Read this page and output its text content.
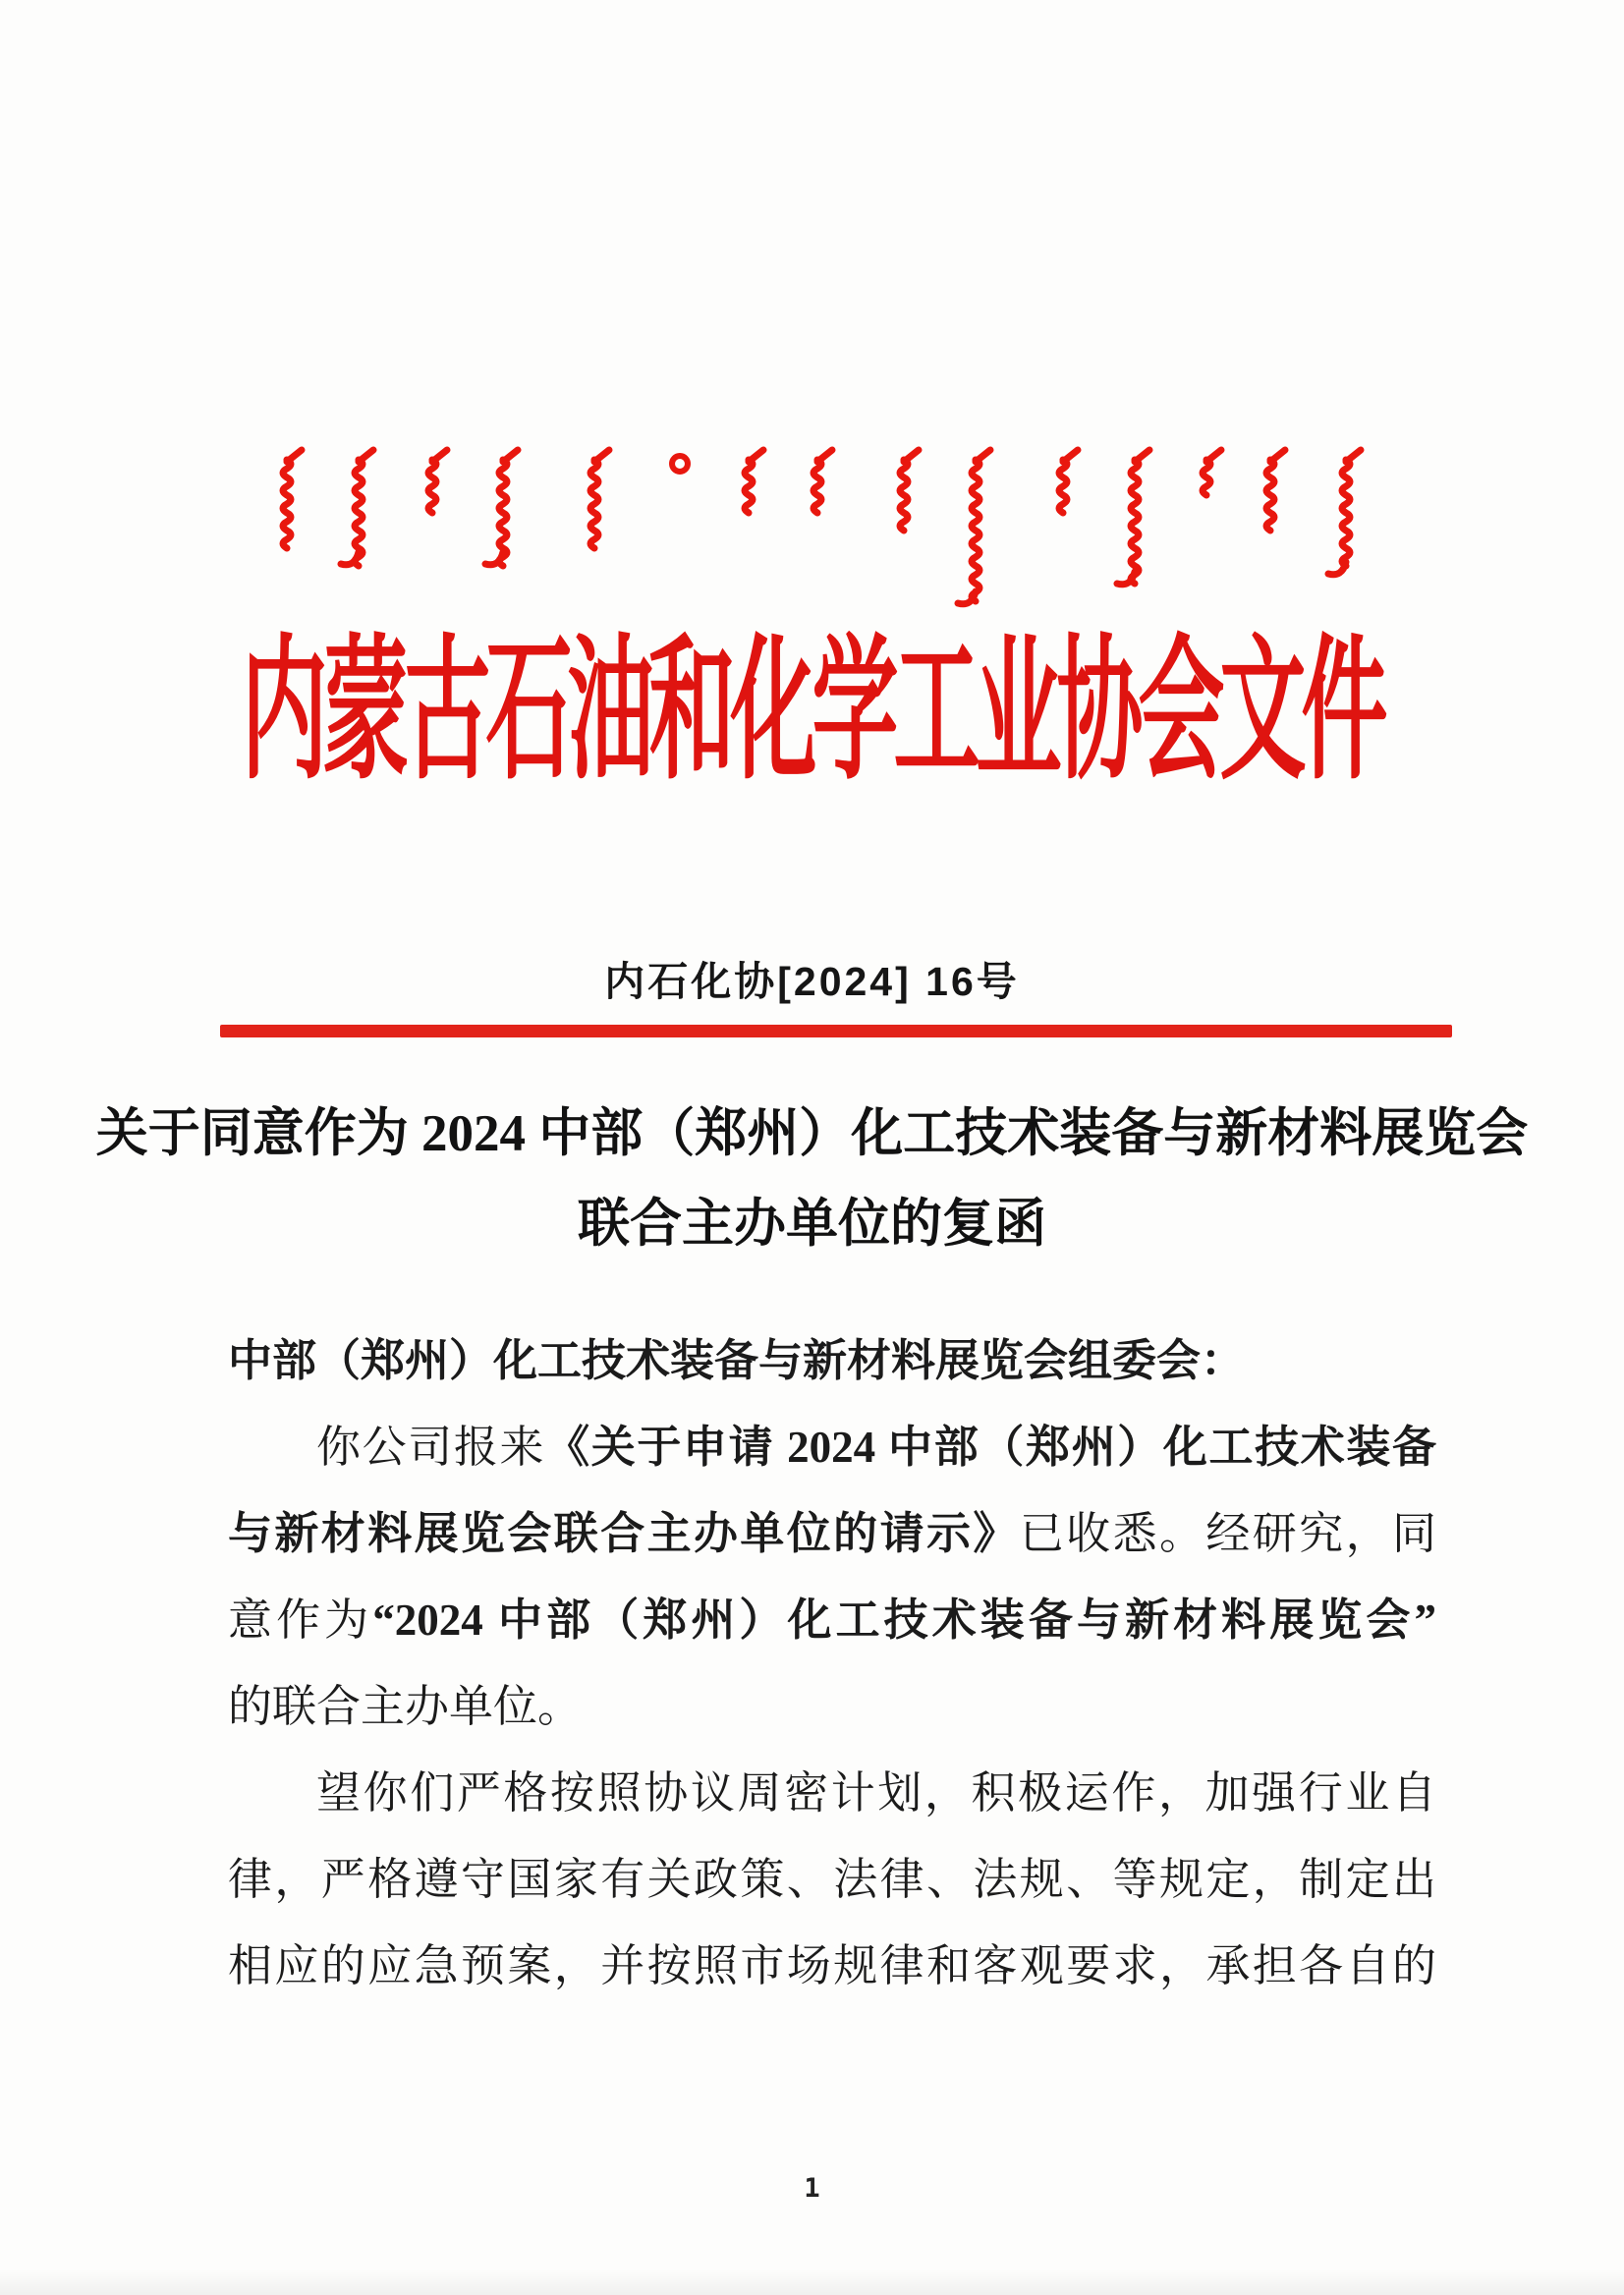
内蒙古石油和化学工业协会文件
内石化协[2024] 16号
关于同意作为 2024 中部（郑州）化工技术装备与新材料展览会
联合主办单位的复函
中部（郑州）化工技术装备与新材料展览会组委会：
你公司报来《关于申请 2024 中部（郑州）化工技术装备
与新材料展览会联合主办单位的请示》已收悉。经研究，同
意作为“2024 中部（郑州）化工技术装备与新材料展览会”
的联合主办单位。
望你们严格按照协议周密计划，积极运作，加强行业自
律，严格遵守国家有关政策、法律、法规、等规定，制定出
相应的应急预案，并按照市场规律和客观要求，承担各自的
1
